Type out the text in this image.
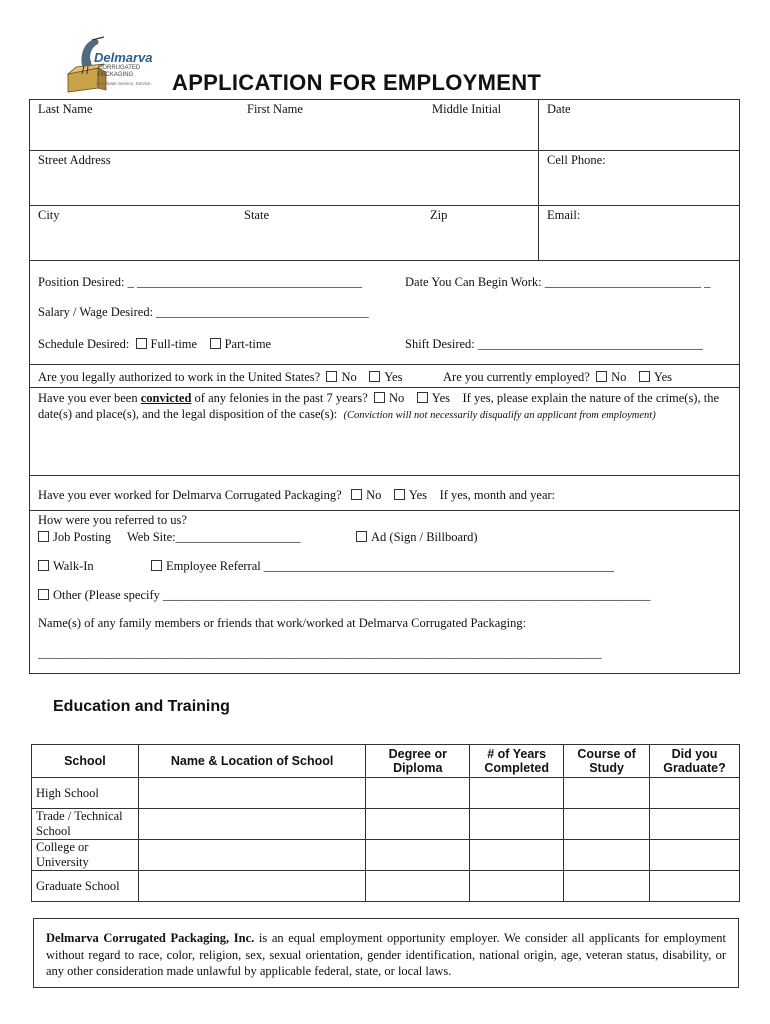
Delmarva
CORRUGATED
PACKAGING
Worldwide Service. Service. APPLICATION FOR EMPLOYMENT
Last Name	First Name	Middle Initial	Date
Street Address	Cell Phone:
City	State	Zip	Email:
Position Desired: _ ____________________________________	Date You Can Begin Work: _________________________ _
Salary / Wage Desired: __________________________________
Schedule Desired: Full-time Part-time	Shift Desired: ____________________________________
Are you legally authorized to work in the United States? No Yes	Are you currently employed? No Yes
Have you ever been convicted of any felonies in the past 7 years? No Yes If yes, please explain the nature of the crime(s), the
date(s) and place(s), and the legal disposition of the case(s): (Conviction will not necessarily disqualify an applicant from employment)
Have you ever worked for Delmarva Corrugated Packaging? No Yes If yes, month and year:
How were you referred to us?
Job Posting Web Site:____________________	Ad (Sign / Billboard)
Walk-In	Employee Referral ________________________________________________________
Other (Please specify ______________________________________________________________________________
Name(s) of any family members or friends that work/worked at Delmarva Corrugated Packaging:
__________________________________________________________________________________________________
Education and Training
School	Name & Location of School	Degree or Diploma	# of Years Completed	Course of Study	Did you Graduate?
High School					
Trade / Technical School					
College or University					
Graduate School					
Delmarva Corrugated Packaging, Inc. is an equal employment opportunity employer. We consider all applicants for employment without regard to race, color, religion, sex, sexual orientation, gender identification, national origin, age, veteran status, disability, or any other consideration made unlawful by applicable federal, state, or local laws.
